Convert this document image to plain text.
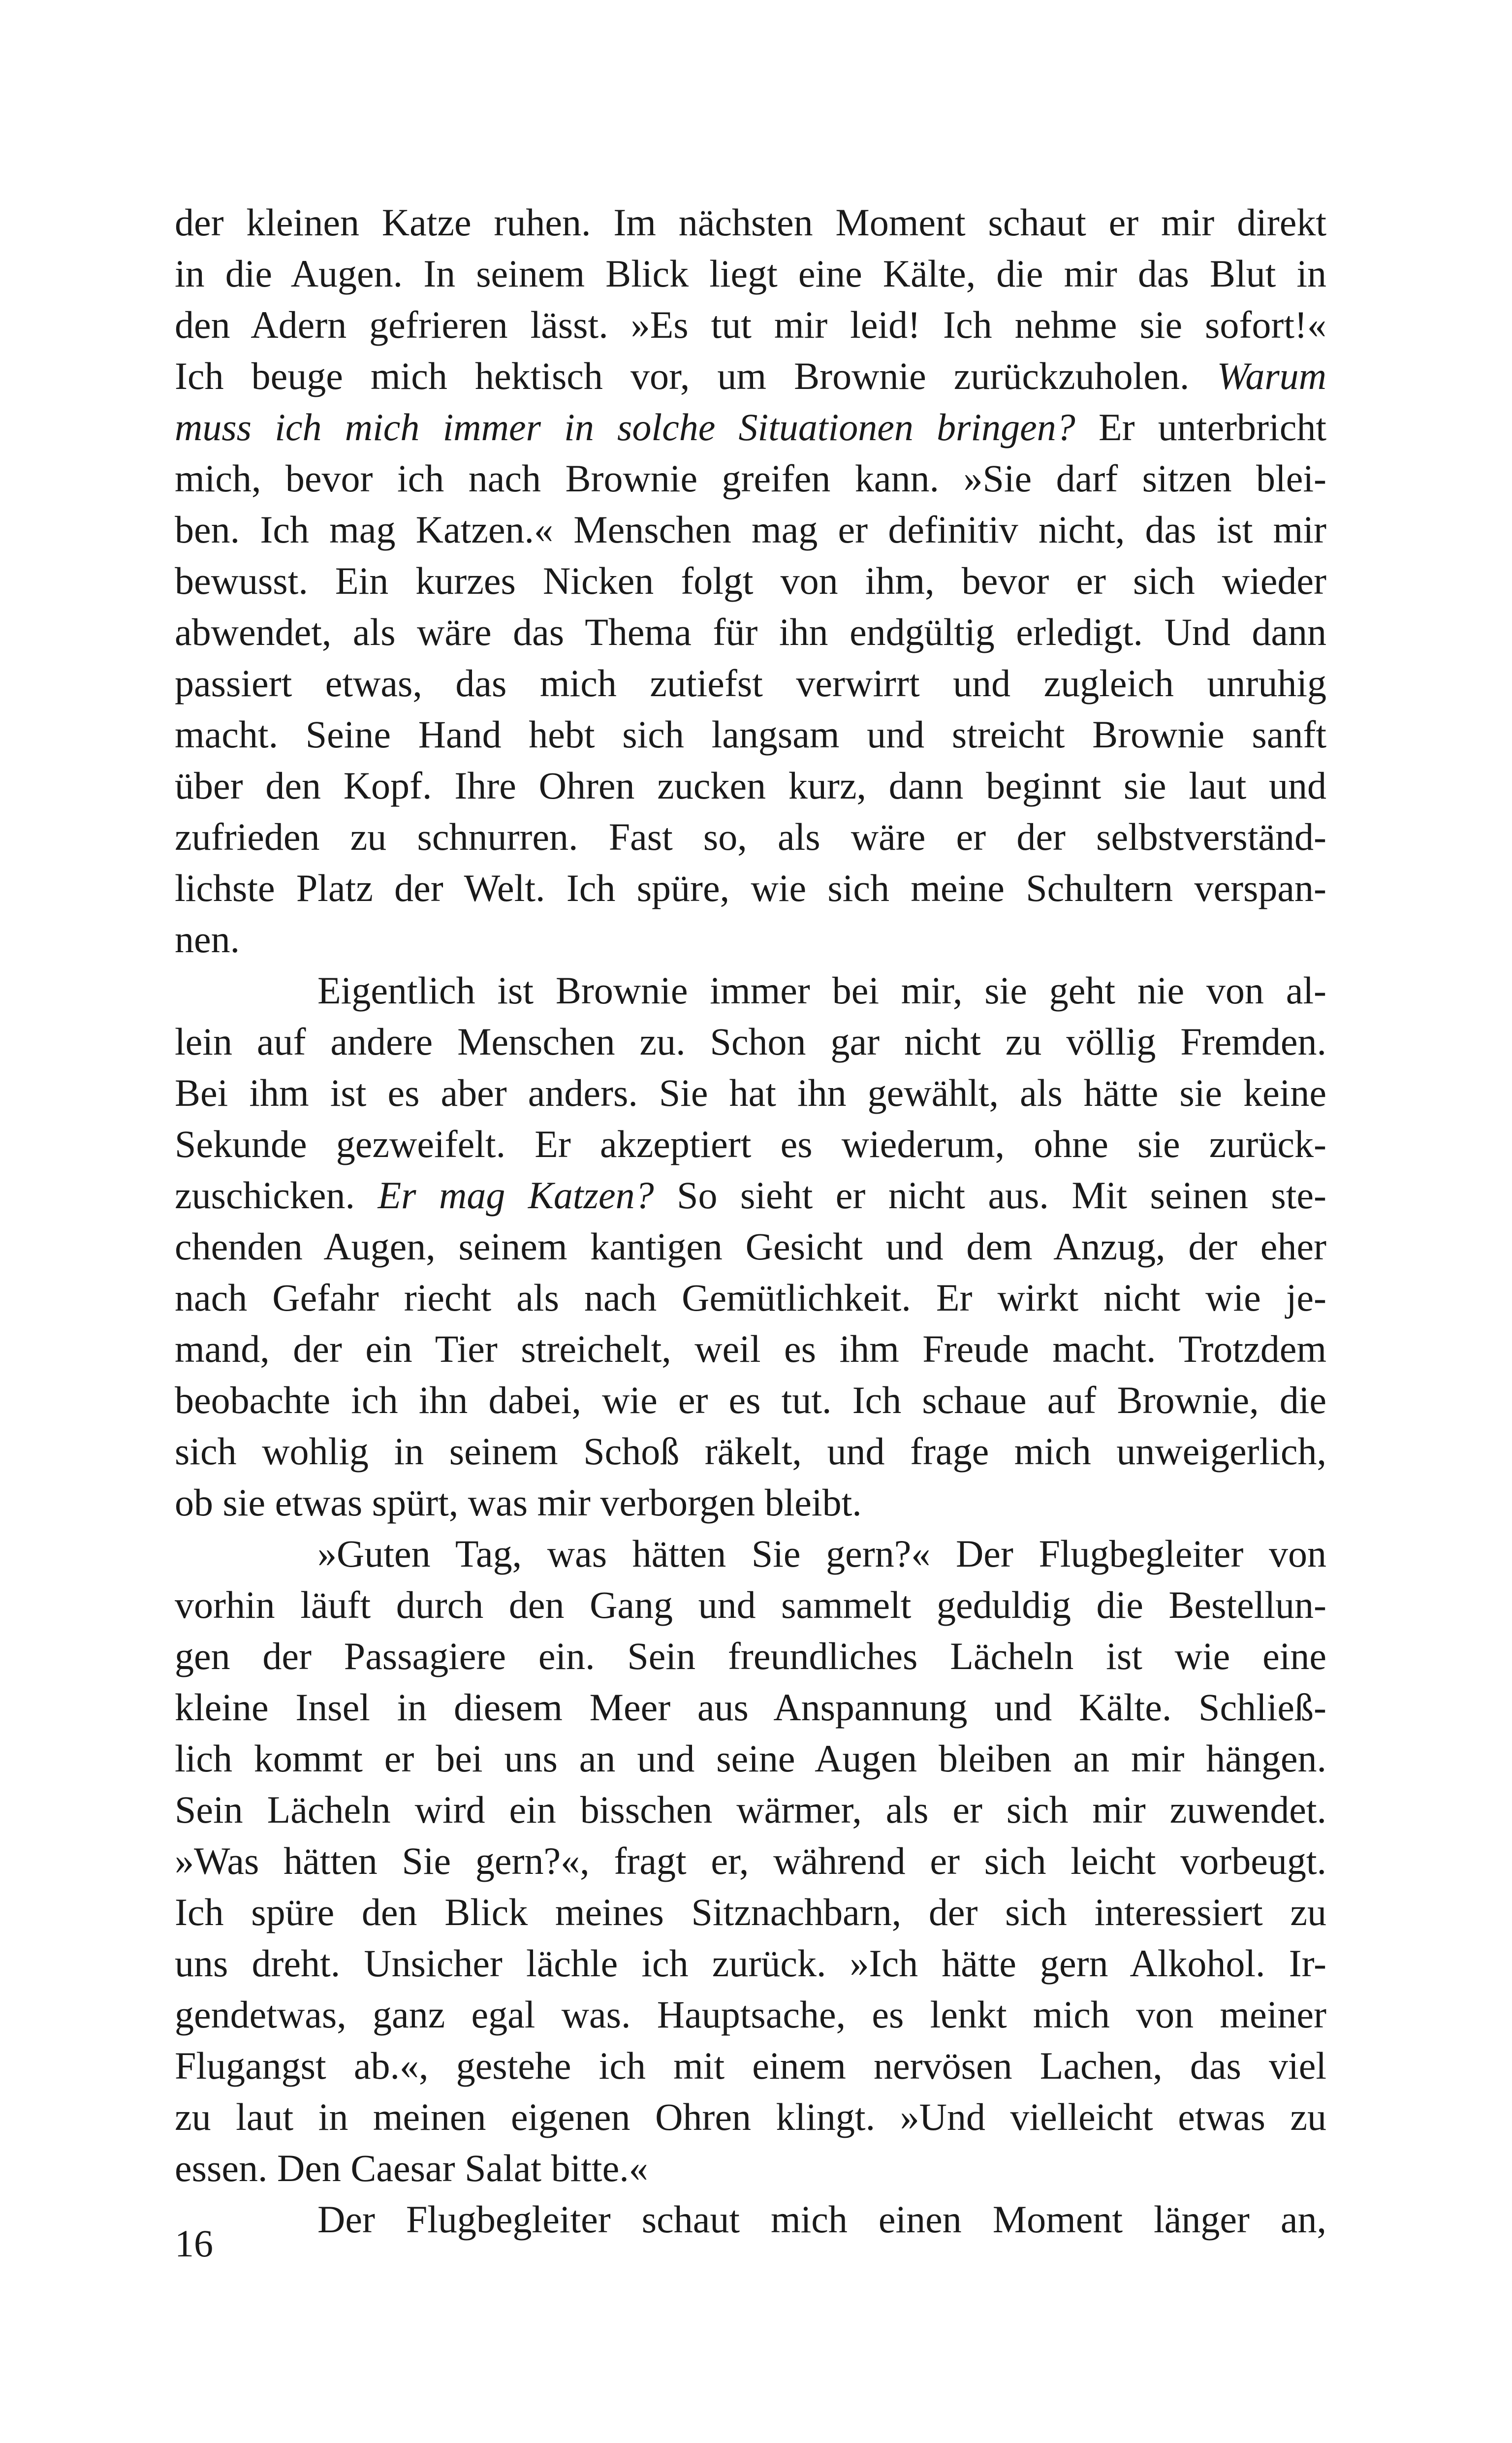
der kleinen Katze ruhen. Im nächsten Moment schaut er mir direkt
in die Augen. In seinem Blick liegt eine Kälte, die mir das Blut in
den Adern gefrieren lässt. »Es tut mir leid! Ich nehme sie sofort!«
Ich beuge mich hektisch vor, um Brownie zurückzuholen. Warum
muss ich mich immer in solche Situationen bringen? Er unterbricht
mich, bevor ich nach Brownie greifen kann. »Sie darf sitzen blei-
ben. Ich mag Katzen.« Menschen mag er definitiv nicht, das ist mir
bewusst. Ein kurzes Nicken folgt von ihm, bevor er sich wieder
abwendet, als wäre das Thema für ihn endgültig erledigt. Und dann
passiert etwas, das mich zutiefst verwirrt und zugleich unruhig
macht. Seine Hand hebt sich langsam und streicht Brownie sanft
über den Kopf. Ihre Ohren zucken kurz, dann beginnt sie laut und
zufrieden zu schnurren. Fast so, als wäre er der selbstverständ-
lichste Platz der Welt. Ich spüre, wie sich meine Schultern verspan-
nen.
Eigentlich ist Brownie immer bei mir, sie geht nie von al-
lein auf andere Menschen zu. Schon gar nicht zu völlig Fremden.
Bei ihm ist es aber anders. Sie hat ihn gewählt, als hätte sie keine
Sekunde gezweifelt. Er akzeptiert es wiederum, ohne sie zurück-
zuschicken. Er mag Katzen? So sieht er nicht aus. Mit seinen ste-
chenden Augen, seinem kantigen Gesicht und dem Anzug, der eher
nach Gefahr riecht als nach Gemütlichkeit. Er wirkt nicht wie je-
mand, der ein Tier streichelt, weil es ihm Freude macht. Trotzdem
beobachte ich ihn dabei, wie er es tut. Ich schaue auf Brownie, die
sich wohlig in seinem Schoß räkelt, und frage mich unweigerlich,
ob sie etwas spürt, was mir verborgen bleibt.
»Guten Tag, was hätten Sie gern?« Der Flugbegleiter von
vorhin läuft durch den Gang und sammelt geduldig die Bestellun-
gen der Passagiere ein. Sein freundliches Lächeln ist wie eine
kleine Insel in diesem Meer aus Anspannung und Kälte. Schließ-
lich kommt er bei uns an und seine Augen bleiben an mir hängen.
Sein Lächeln wird ein bisschen wärmer, als er sich mir zuwendet.
»Was hätten Sie gern?«, fragt er, während er sich leicht vorbeugt.
Ich spüre den Blick meines Sitznachbarn, der sich interessiert zu
uns dreht. Unsicher lächle ich zurück. »Ich hätte gern Alkohol. Ir-
gendetwas, ganz egal was. Hauptsache, es lenkt mich von meiner
Flugangst ab.«, gestehe ich mit einem nervösen Lachen, das viel
zu laut in meinen eigenen Ohren klingt. »Und vielleicht etwas zu
essen. Den Caesar Salat bitte.«
Der Flugbegleiter schaut mich einen Moment länger an,
16
